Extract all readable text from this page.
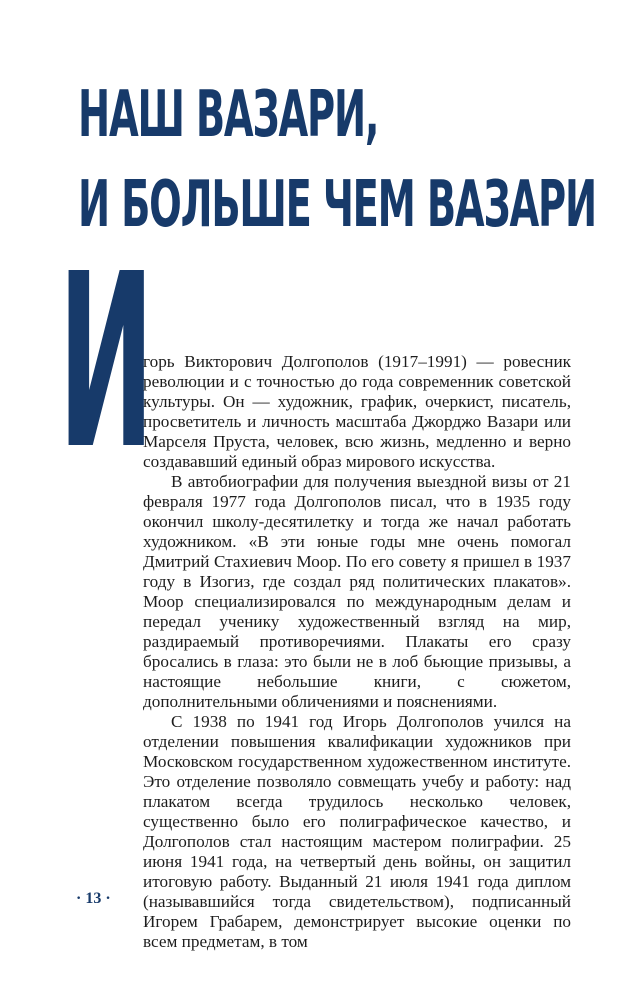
НАШ ВАЗАРИ,
И БОЛЬШЕ ЧЕМ ВАЗАРИ
И

горь Викторович Долгополов (1917–1991) — ровесник революции и с точностью до года современник советской культуры. Он — художник, график, очеркист, писатель, просветитель и личность масштаба Джорджо Вазари или Марселя Пруста, человек, всю жизнь, медленно и верно создававший единый образ мирового искусства.

В автобиографии для получения выездной визы от 21 февраля 1977 года Долгополов писал, что в 1935 году окончил школу-десятилетку и тогда же начал работать художником. «В эти юные годы мне очень помогал Дмитрий Стахиевич Моор. По его совету я пришел в 1937 году в Изогиз, где создал ряд политических плакатов». Моор специализировался по международным делам и передал ученику художественный взгляд на мир, раздираемый противоречиями. Плакаты его сразу бросались в глаза: это были не в лоб бьющие призывы, а настоящие небольшие книги, с сюжетом, дополнительными обличениями и пояснениями.

С 1938 по 1941 год Игорь Долгополов учился на отделении повышения квалификации художников при Московском государственном художественном институте. Это отделение позволяло совмещать учебу и работу: над плакатом всегда трудилось несколько человек, существенно было его полиграфическое качество, и Долгополов стал настоящим мастером полиграфии. 25 июня 1941 года, на четвертый день войны, он защитил итоговую работу. Выданный 21 июля 1941 года диплом (называвшийся тогда свидетельством), подписанный Игорем Грабарем, демонстрирует высокие оценки по всем предметам, в том

· 13 ·
